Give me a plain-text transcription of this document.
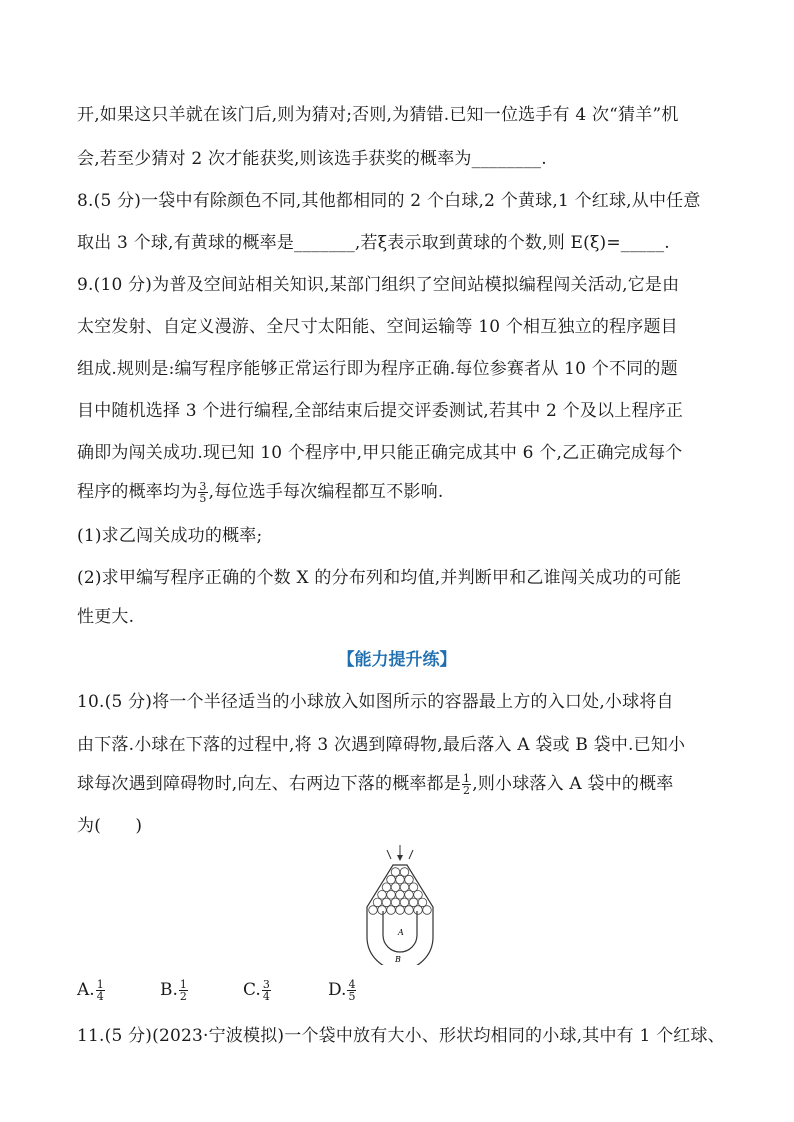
开,如果这只羊就在该门后,则为猜对;否则,为猜错.已知一位选手有 4 次“猜羊”机
会,若至少猜对 2 次才能获奖,则该选手获奖的概率为________.
8.(5 分)一袋中有除颜色不同,其他都相同的 2 个白球,2 个黄球,1 个红球,从中任意
取出 3 个球,有黄球的概率是_______,若ξ表示取到黄球的个数,则 E(ξ)=_____.
9.(10 分)为普及空间站相关知识,某部门组织了空间站模拟编程闯关活动,它是由
太空发射、自定义漫游、全尺寸太阳能、空间运输等 10 个相互独立的程序题目
组成.规则是:编写程序能够正常运行即为程序正确.每位参赛者从 10 个不同的题
目中随机选择 3 个进行编程,全部结束后提交评委测试,若其中 2 个及以上程序正
确即为闯关成功.现已知 10 个程序中,甲只能正确完成其中 6 个,乙正确完成每个
程序的概率均为 $\frac{3}{5}$ ,每位选手每次编程都互不影响.
(1)求乙闯关成功的概率;
(2)求甲编写程序正确的个数 X 的分布列和均值,并判断甲和乙谁闯关成功的可能
性更大.
【能力提升练】
10.(5 分)将一个半径适当的小球放入如图所示的容器最上方的入口处,小球将自
由下落.小球在下落的过程中,将 3 次遇到障碍物,最后落入 A 袋或 B 袋中.已知小
球每次遇到障碍物时,向左、右两边下落的概率都是 $\frac{1}{2}$ ,则小球落入 A 袋中的概率
为(　　)
A
B
A. $\frac{1}{4}$	B. $\frac{1}{2}$	C. $\frac{3}{4}$	D. $\frac{4}{5}$
11.(5 分)(2023·宁波模拟)一个袋中放有大小、形状均相同的小球,其中有 1 个红球、
